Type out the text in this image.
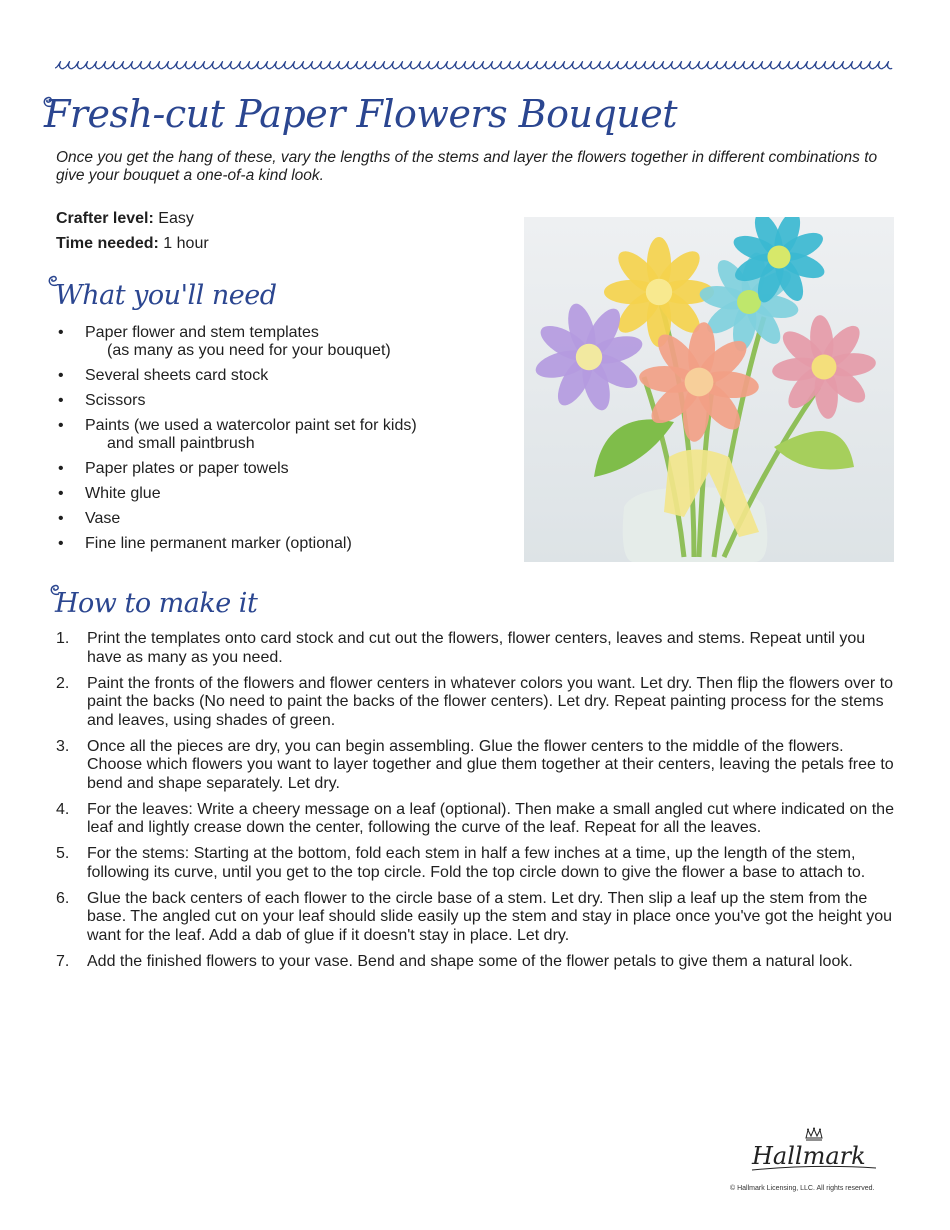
Fresh-cut Paper Flowers Bouquet

Once you get the hang of these, vary the lengths of the stems and layer the flowers together in different combinations to give your bouquet a one-of-a kind look.

Crafter level: Easy
Time needed: 1 hour
What you'll need
• Paper flower and stem templates
(as many as you need for your bouquet)
• Several sheets card stock
• Scissors
• Paints (we used a watercolor paint set for kids)
and small paintbrush
• Paper plates or paper towels
• White glue
• Vase
• Fine line permanent marker (optional)
How to make it
1. Print the templates onto card stock and cut out the flowers, flower centers, leaves and stems. Repeat until you have as many as you need.
2. Paint the fronts of the flowers and flower centers in whatever colors you want. Let dry. Then flip the flowers over to paint the backs (No need to paint the backs of the flower centers). Let dry. Repeat painting process for the stems and leaves, using shades of green.
3. Once all the pieces are dry, you can begin assembling. Glue the flower centers to the middle of the flowers. Choose which flowers you want to layer together and glue them together at their centers, leaving the petals free to bend and shape separately. Let dry.
4. For the leaves: Write a cheery message on a leaf (optional). Then make a small angled cut where indicated on the leaf and lightly crease down the center, following the curve of the leaf. Repeat for all the leaves.
5. For the stems: Starting at the bottom, fold each stem in half a few inches at a time, up the length of the stem, following its curve, until you get to the top circle. Fold the top circle down to give the flower a base to attach to.
6. Glue the back centers of each flower to the circle base of a stem. Let dry. Then slip a leaf up the stem from the base. The angled cut on your leaf should slide easily up the stem and stay in place once you've got the height you want for the leaf. Add a dab of glue if it doesn't stay in place. Let dry.
7. Add the finished flowers to your vase. Bend and shape some of the flower petals to give them a natural look.
Hallmark
© Hallmark Licensing, LLC. All rights reserved.
